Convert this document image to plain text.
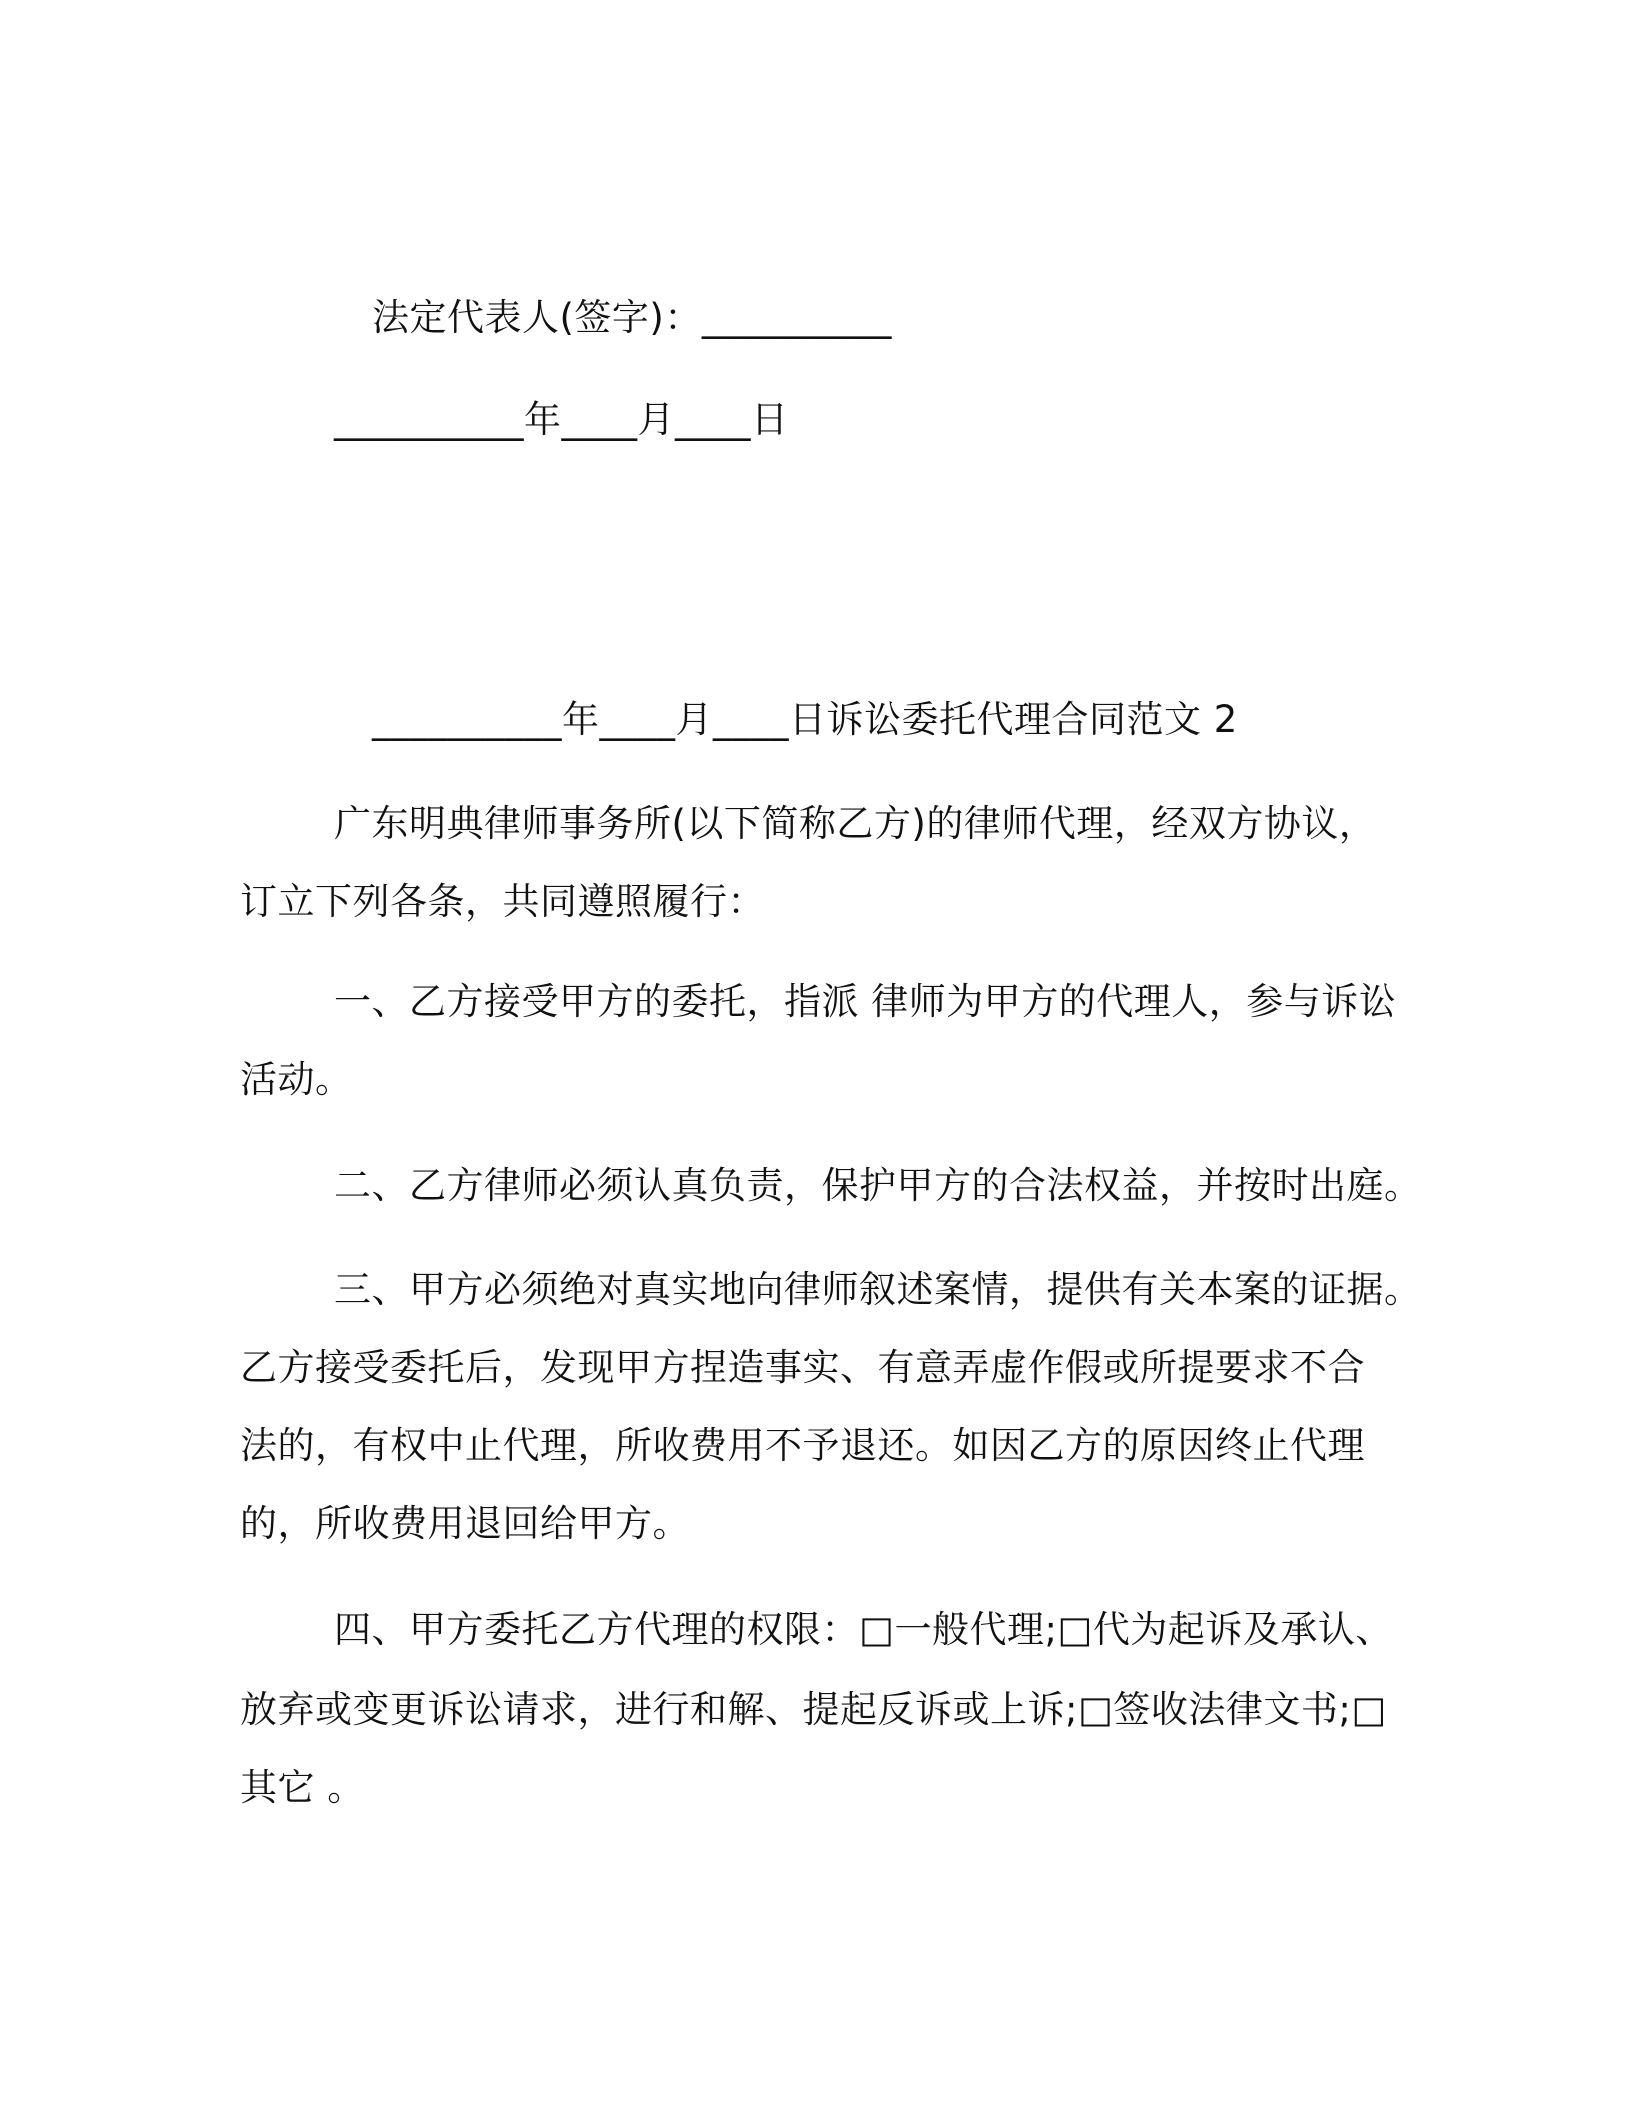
法定代表人(签字)：__________
__________年____月____日
__________年____月____日诉讼委托代理合同范文 2
广东明典律师事务所(以下简称乙方)的律师代理，经双方协议，
订立下列各条，共同遵照履行：
一、乙方接受甲方的委托，指派 律师为甲方的代理人，参与诉讼
活动。
二、乙方律师必须认真负责，保护甲方的合法权益，并按时出庭。
三、甲方必须绝对真实地向律师叙述案情，提供有关本案的证据。
乙方接受委托后，发现甲方捏造事实、有意弄虚作假或所提要求不合
法的，有权中止代理，所收费用不予退还。如因乙方的原因终止代理
的，所收费用退回给甲方。
四、甲方委托乙方代理的权限：□一般代理;□代为起诉及承认、
放弃或变更诉讼请求，进行和解、提起反诉或上诉;□签收法律文书;□
其它 。
